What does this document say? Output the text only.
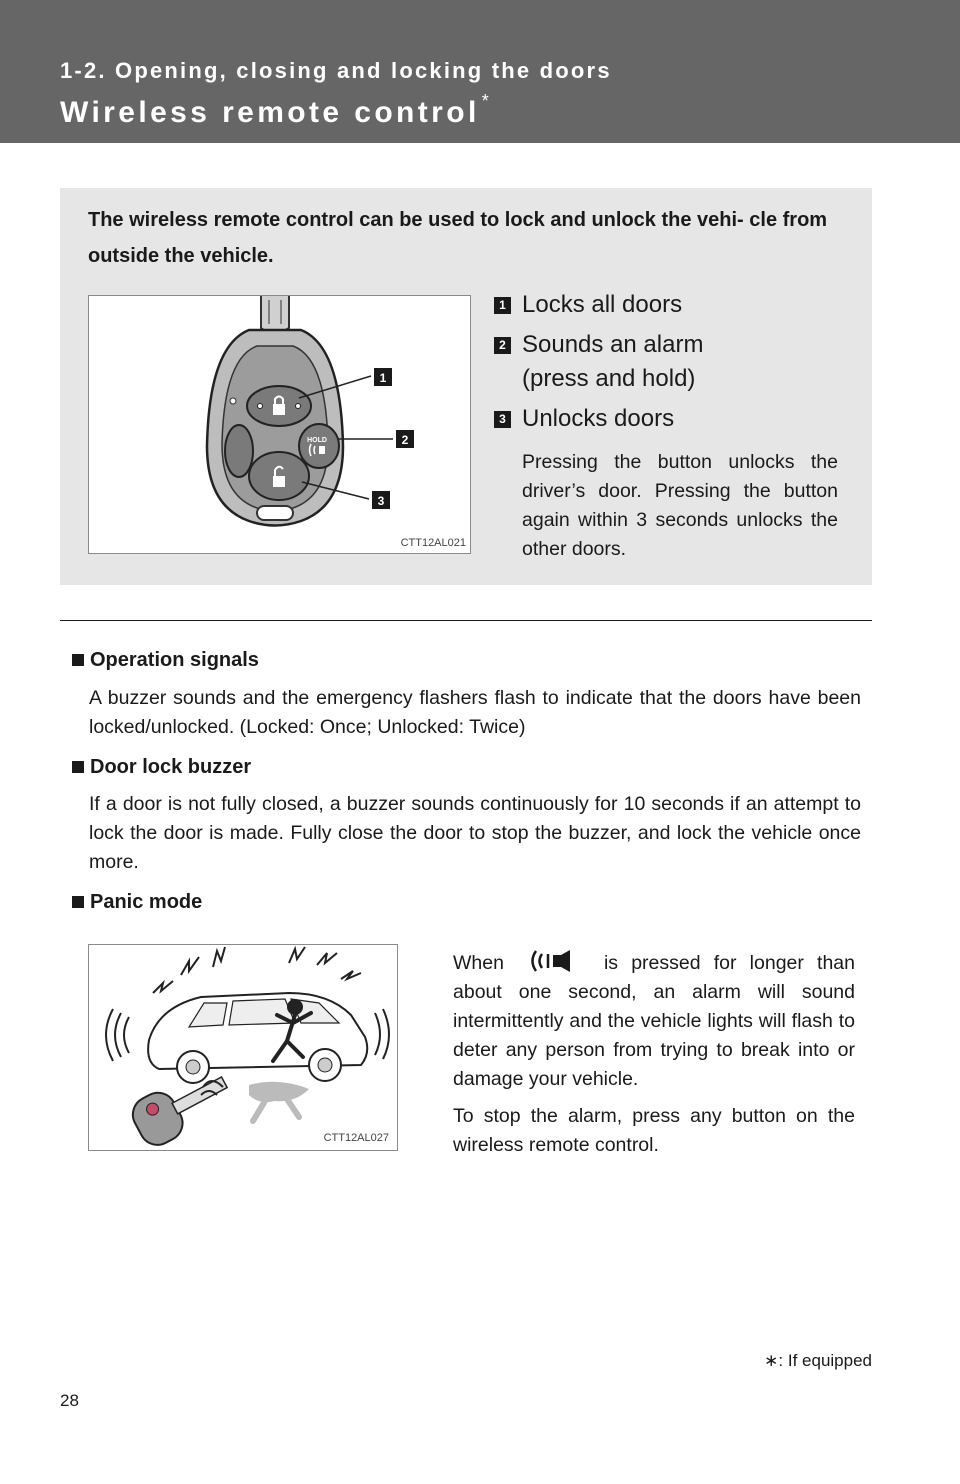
1-2. Opening, closing and locking the doors
Wireless remote control *
The wireless remote control can be used to lock and unlock the vehi- cle from outside the vehicle.
HOLD
1
2
3
CTT12AL021
1 Locks all doors
2 Sounds an alarm (press and hold)
3 Unlocks doors
Pressing the button unlocks the driver’s door. Pressing the button again within 3 seconds unlocks the other doors.
Operation signals
A buzzer sounds and the emergency flashers flash to indicate that the doors have been locked/unlocked. (Locked: Once; Unlocked: Twice)
Door lock buzzer
If a door is not fully closed, a buzzer sounds continuously for 10 seconds if an attempt to lock the door is made. Fully close the door to stop the buzzer, and lock the vehicle once more.
Panic mode
CTT12AL027

When	is pressed for longer than about one second, an alarm will sound intermittently and the vehicle lights will flash to deter any person from trying to break into or damage your vehicle.

To stop the alarm, press any button on the wireless remote control.

∗: If equipped
28
